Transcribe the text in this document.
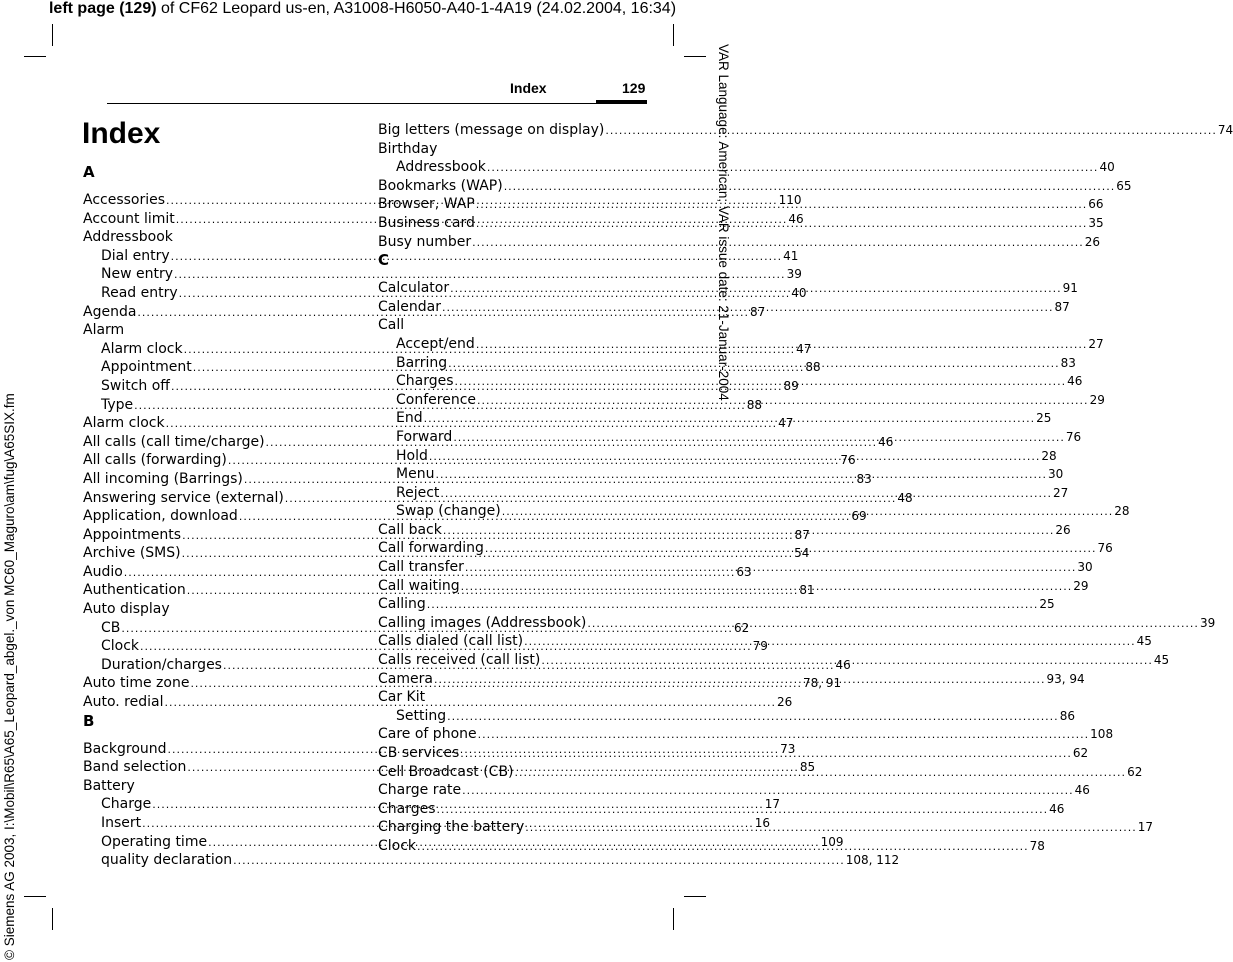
left page (129) of CF62 Leopard us-en, A31008-H6050-A40-1-4A19 (24.02.2004, 16:34)
VAR Language: American; VAR issue date: 21-Januar-2004
© Siemens AG 2003, I:\Mobil\R65\A65_Leopard_abgel._von MC60_Maguro\am\fug\A65SIX.fm
Index	129
Index
A
Accessories .....	110
Account limit .....	46
Addressbook
Dial entry .....	41
New entry .....	39
Read entry .....	40
Agenda .....	87
Alarm
Alarm clock .....	47
Appointment .....	88
Switch off .....	89
Type .....	88
Alarm clock .....	47
All calls (call time/charge) .....	46
All calls (forwarding) .....	76
All incoming (Barrings) .....	83
Answering service (external) .....	48
Application, download .....	69
Appointments .....	87
Archive (SMS) .....	54
Audio .....	63
Authentication .....	81
Auto display
CB .....	62
Clock .....	79
Duration/charges .....	46
Auto time zone .....	78, 91
Auto. redial .....	26
B
Background .....	73
Band selection .....	85
Battery
Charge .....	17
Insert .....	16
Operating time .....	109
quality declaration .....	108, 112
Big letters (message on display) .....	74
Birthday
Addressbook .....	40
Bookmarks (WAP) .....	65
Browser, WAP .....	66
Business card .....	35
Busy number .....	26
C
Calculator .....	91
Calendar .....	87
Call
Accept/end .....	27
Barring .....	83
Charges .....	46
Conference .....	29
End .....	25
Forward .....	76
Hold .....	28
Menu .....	30
Reject .....	27
Swap (change) .....	28
Call back .....	26
Call forwarding .....	76
Call transfer .....	30
Call waiting .....	29
Calling .....	25
Calling images (Addressbook) .....	39
Calls dialed (call list) .....	45
Calls received (call list) .....	45
Camera .....	93, 94
Car Kit
Setting .....	86
Care of phone .....	108
CB services .....	62
Cell Broadcast (CB) .....	62
Charge rate .....	46
Charges .....	46
Charging the battery .....	17
Clock .....	78
